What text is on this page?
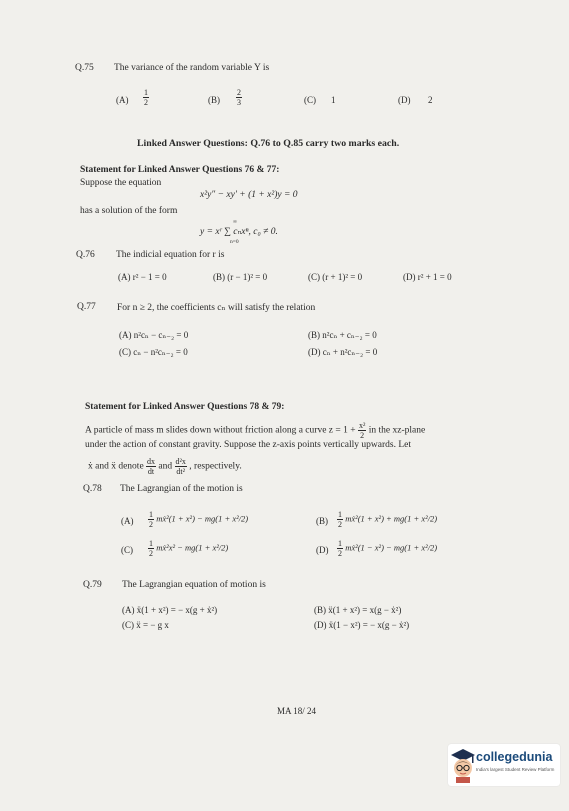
Q.75 The variance of the random variable Y is
$(A) \frac{1}{2}$	$(B) \frac{2}{3}$	(C) 1	(D) 2
Linked Answer Questions: Q.76 to Q.85 carry two marks each.
Statement for Linked Answer Questions 76 & 77:
Suppose the equation
x²y″ − xy′ + (1 + x²)y = 0
has a solution of the form
y = xʳ ∑ cₙxⁿ, c₀ ≠ 0.
∞
n=0
Q.76 The indicial equation for r is
(A) r² − 1 = 0	(B) (r − 1)² = 0	(C) (r + 1)² = 0	(D) r² + 1 = 0
Q.77 For n ≥ 2, the coefficients cₙ will satisfy the relation
(A) n²cₙ − cₙ₋₂ = 0	(B) n²cₙ + cₙ₋₂ = 0
(C) cₙ − n²cₙ₋₂ = 0	(D) cₙ + n²cₙ₋₂ = 0
Statement for Linked Answer Questions 78 & 79:
A particle of mass m slides down without friction along a curve $z = 1 + \frac{\text{x²}}{2}$ in the xz-plane
under the action of constant gravity. Suppose the z-axis points vertically upwards. Let
ẋ and ẍ denote $\frac{dx}{dt}$ and $\frac{\text{d²x}}{\text{dt²}}$ , respectively.
Q.78 The Lagrangian of the motion is
$(A) \frac{1}{2}$ mẋ²(1 + x²) − mg(1 + x²/2)	$(B) \frac{1}{2}$ mẋ²(1 + x²) + mg(1 + x²/2)
$(C) \frac{1}{2}$ mẋ²x² − mg(1 + x²/2)	$(D) \frac{1}{2}$ mẋ²(1 − x²) − mg(1 + x²/2)
Q.79 The Lagrangian equation of motion is
(A) ẍ(1 + x²) = − x(g + ẋ²)	(B) ẍ(1 + x²) = x(g − ẋ²)
(C) ẍ = − g x	(D) ẍ(1 − x²) = − x(g − ẋ²)
MA 18/ 24
collegedunia
India's largest Student Review Platform
